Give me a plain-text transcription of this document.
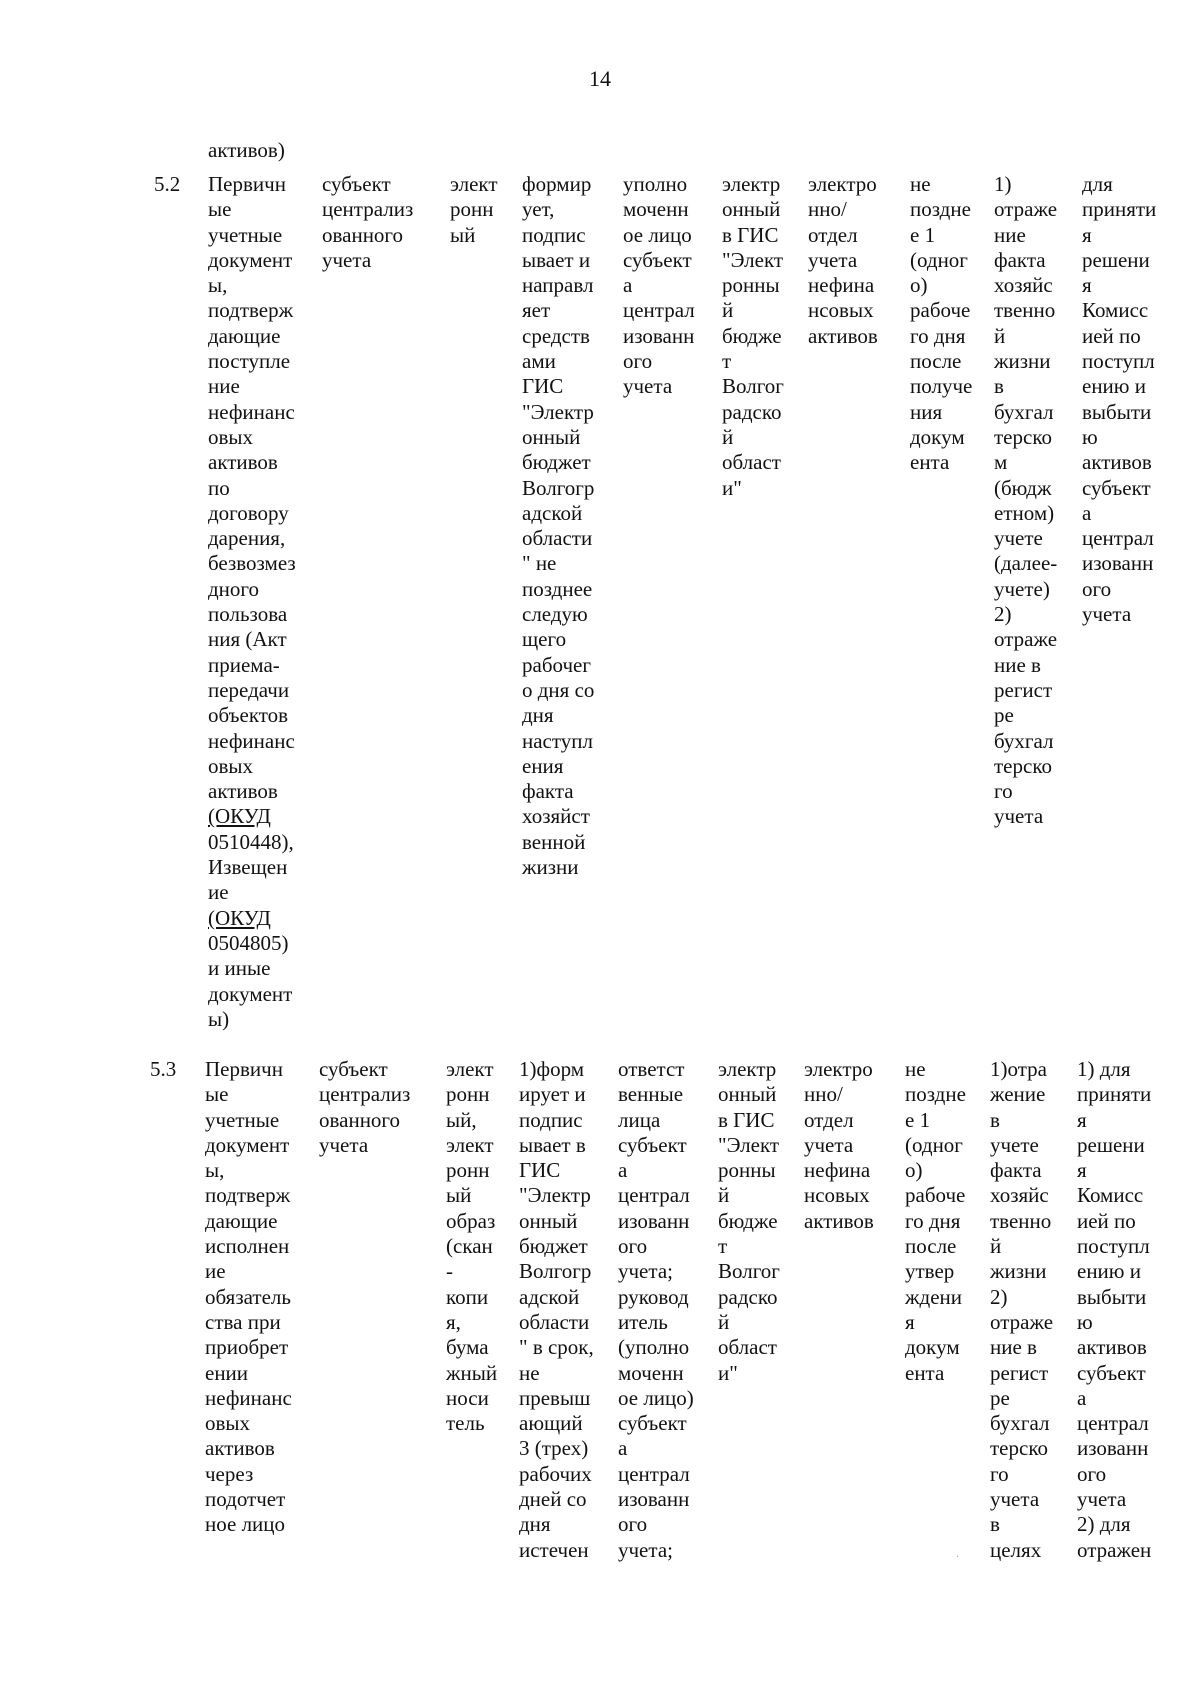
14
активов)
5.2 Первичн
ые
учетные
документ
ы,
подтверж
дающие
поступле
ние
нефинанс
овых
активов
по
договору
дарения,
безвозмез
дного
пользова
ния (Акт
приема-
передачи
объектов
нефинанс
овых
активов
(ОКУД
0510448),
Извещен
ие
(ОКУД
0504805)
и иные
документ
ы)
субъект
централиз
ованного
учета
элект
ронн
ый
формир
ует,
подпис
ывает и
направл
яет
средств
ами
ГИС
"Электр
онный
бюджет
Волгогр
адской
области
" не
позднее
следую
щего
рабочег
о дня со
дня
наступл
ения
факта
хозяйст
венной
жизни
уполно
моченн
ое лицо
субъект
а
централ
изованн
ого
учета
электр
онный
в ГИС
"Элект
ронны
й
бюдже
т
Волгог
радско
й
област
и"
электро
нно/
отдел
учета
нефина
нсовых
активов
не
поздне
е 1
(одног
о)
рабоче
го дня
после
получе
ния
докум
ента
1)
отраже
ние
факта
хозяйс
твенно
й
жизни
в
бухгал
терско
м
(бюдж
етном)
учете
(далее-
учете)
2)
отраже
ние в
регист
ре
бухгал
терско
го
учета
для
приняти
я
решени
я
Комисс
ией по
поступл
ению и
выбыти
ю
активов
субъект
а
централ
изованн
ого
учета
5.3 Первичн
ые
учетные
документ
ы,
подтверж
дающие
исполнен
ие
обязатель
ства при
приобрет
ении
нефинанс
овых
активов
через
подотчет
ное лицо
субъект
централиз
ованного
учета
элект
ронн
ый,
элект
ронн
ый
образ
(скан
-
копи
я,
бума
жный
носи
тель
1)форм
ирует и
подпис
ывает в
ГИС
"Электр
онный
бюджет
Волгогр
адской
области
" в срок,
не
превыш
ающий
3 (трех)
рабочих
дней со
дня
истечен
ответст
венные
лица
субъект
а
централ
изованн
ого
учета;
руковод
итель
(уполно
моченн
ое лицо)
субъект
а
централ
изованн
ого
учета;
электр
онный
в ГИС
"Элект
ронны
й
бюдже
т
Волгог
радско
й
област
и"
электро
нно/
отдел
учета
нефина
нсовых
активов
не
поздне
е 1
(одног
о)
рабоче
го дня
после
утвер
ждени
я
докум
ента
1)отра
жение
в
учете
факта
хозяйс
твенно
й
жизни
2)
отраже
ние в
регист
ре
бухгал
терско
го
учета
в
целях
1) для
приняти
я
решени
я
Комисс
ией по
поступл
ению и
выбыти
ю
активов
субъект
а
централ
изованн
ого
учета
2) для
отражен
·
